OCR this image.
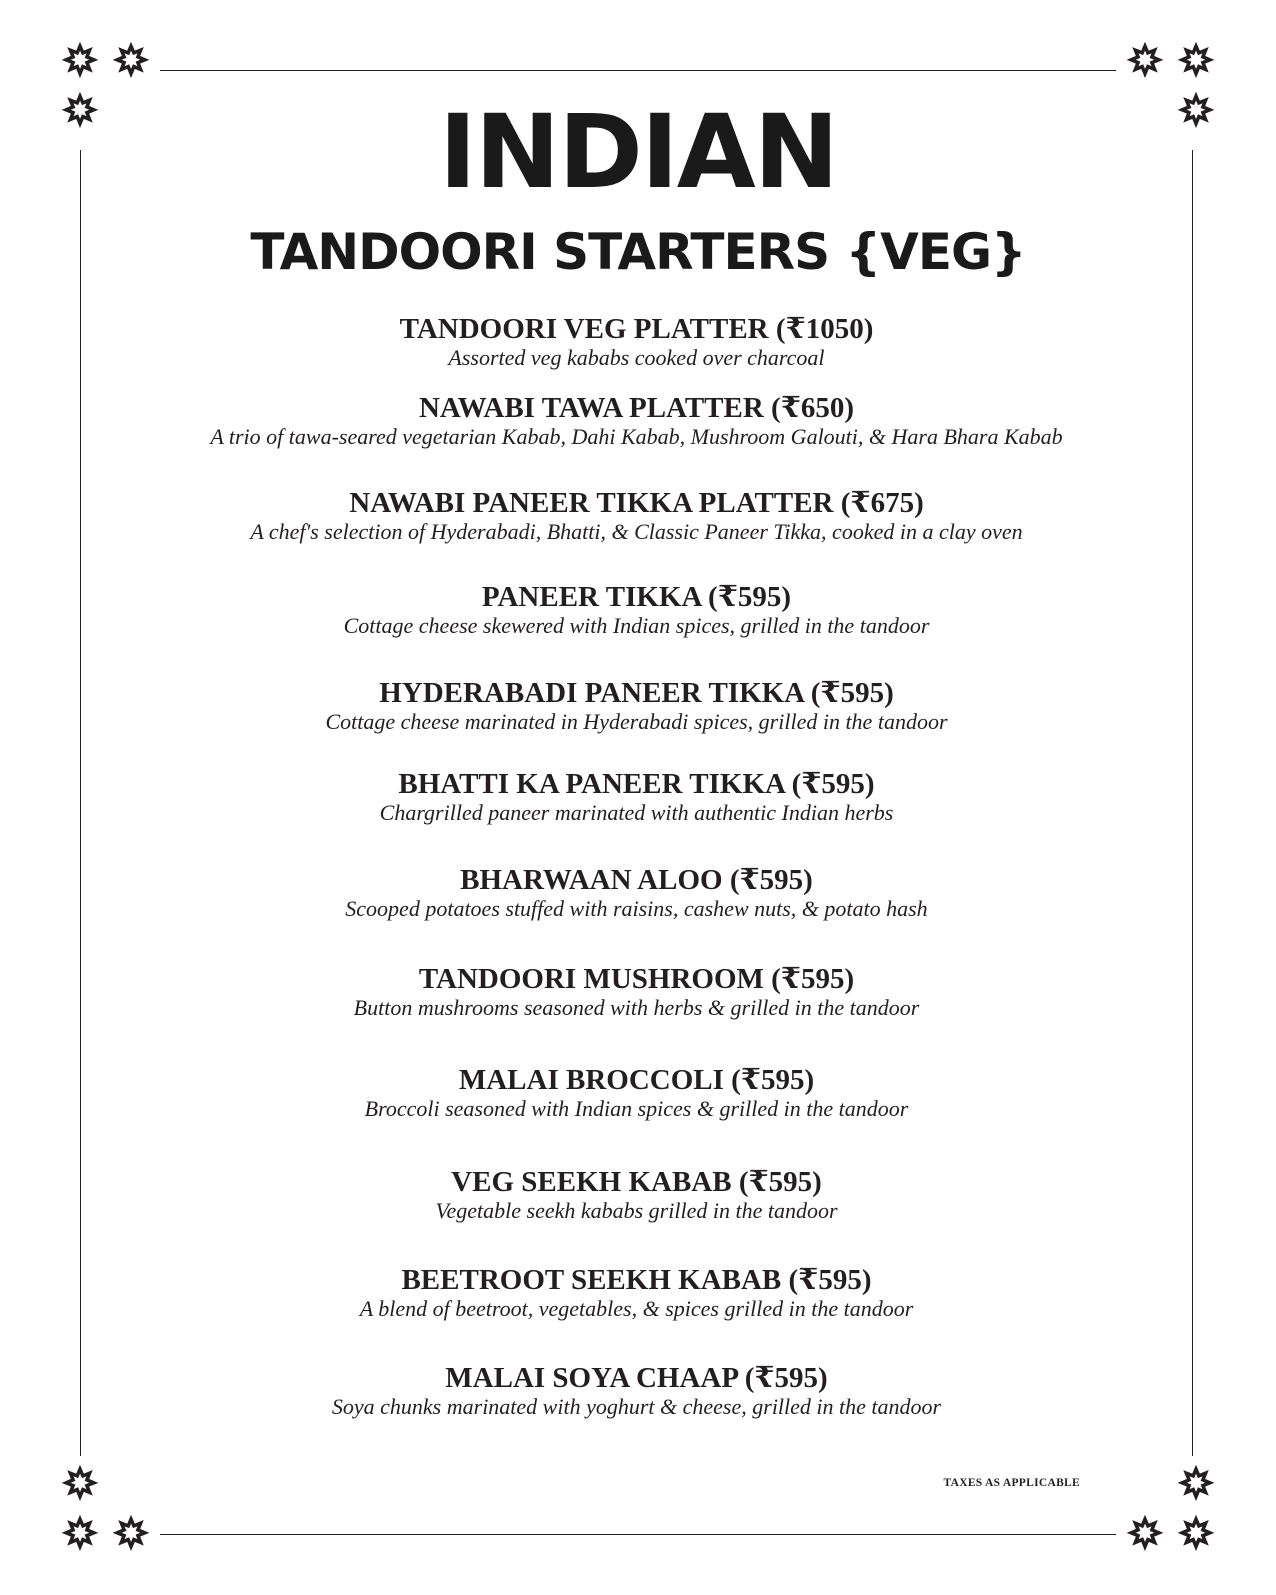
INDIAN
TANDOORI STARTERS {VEG}
TANDOORI VEG PLATTER (₹1050)
Assorted veg kababs cooked over charcoal
NAWABI TAWA PLATTER (₹650)
A trio of tawa-seared vegetarian Kabab, Dahi Kabab, Mushroom Galouti, & Hara Bhara Kabab
NAWABI PANEER TIKKA PLATTER (₹675)
A chef's selection of Hyderabadi, Bhatti, & Classic Paneer Tikka, cooked in a clay oven
PANEER TIKKA (₹595)
Cottage cheese skewered with Indian spices, grilled in the tandoor
HYDERABADI PANEER TIKKA (₹595)
Cottage cheese marinated in Hyderabadi spices, grilled in the tandoor
BHATTI KA PANEER TIKKA (₹595)
Chargrilled paneer marinated with authentic Indian herbs
BHARWAAN ALOO (₹595)
Scooped potatoes stuffed with raisins, cashew nuts, & potato hash
TANDOORI MUSHROOM (₹595)
Button mushrooms seasoned with herbs & grilled in the tandoor
MALAI BROCCOLI (₹595)
Broccoli seasoned with Indian spices & grilled in the tandoor
VEG SEEKH KABAB (₹595)
Vegetable seekh kababs grilled in the tandoor
BEETROOT SEEKH KABAB (₹595)
A blend of beetroot, vegetables, & spices grilled in the tandoor
MALAI SOYA CHAAP (₹595)
Soya chunks marinated with yoghurt & cheese, grilled in the tandoor
TAXES AS APPLICABLE
